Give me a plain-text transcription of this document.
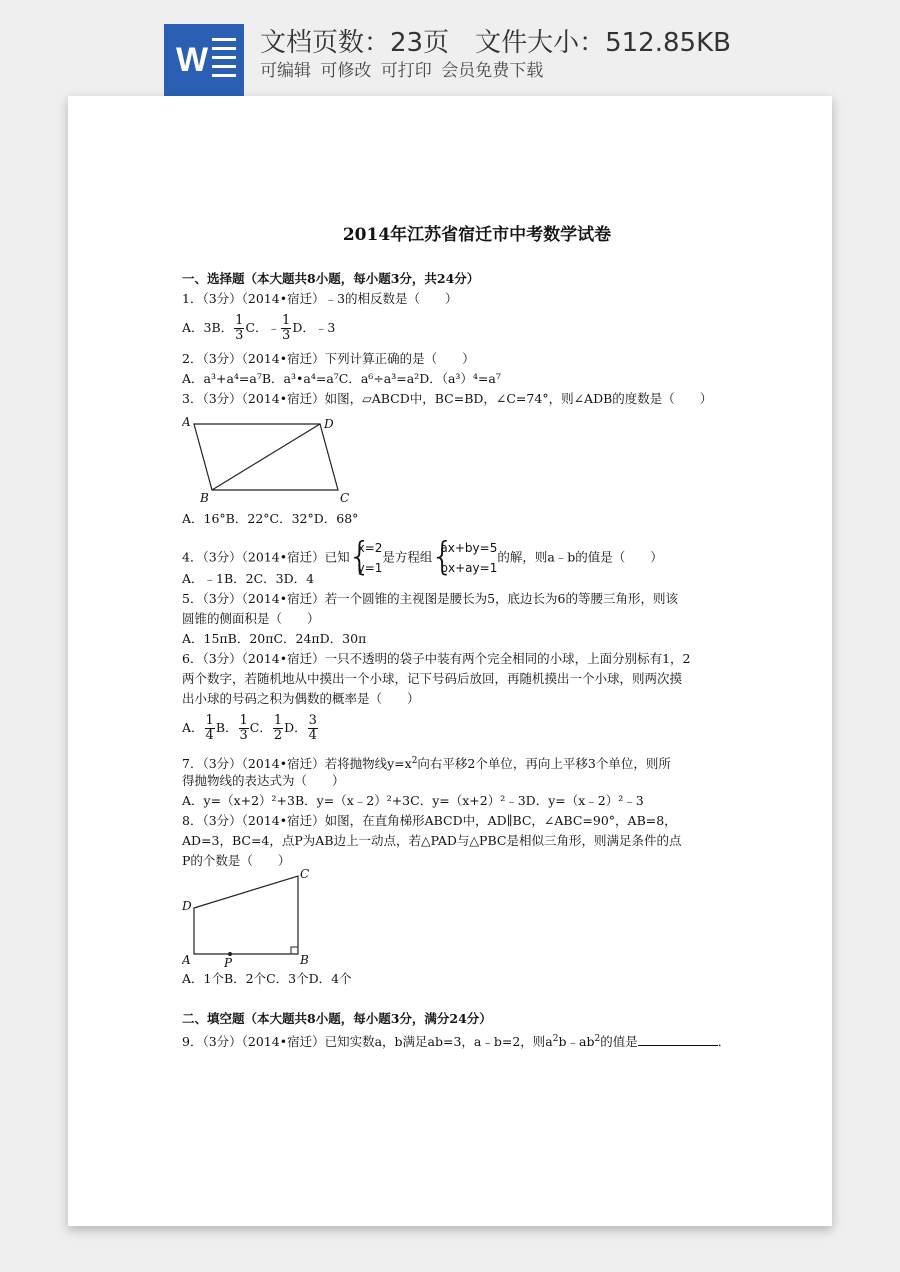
W 文档页数：23页 文件大小：512.85KB
可编辑 可修改 可打印 会员免费下载
2014年江苏省宿迁市中考数学试卷
一、选择题（本大题共8小题，每小题3分，共24分）
1．（3分）（2014•宿迁）﹣3的相反数是（　　）
A．3B． $\frac{1}{3}$ C．﹣ $\frac{1}{3}$ D．﹣3
2．（3分）（2014•宿迁）下列计算正确的是（　　）
A．a³+a⁴=a⁷B．a³•a⁴=a⁷C．a⁶÷a³=a²D．（a³）⁴=a⁷
3．（3分）（2014•宿迁）如图，▱ABCD中，BC=BD，∠C=74°，则∠ADB的度数是（　　）
A	D
B	C
A．16°B．22°C．32°D．68°
4．（3分）（2014•宿迁）已知
{ x=2
y=1
是方程组
{ ax+by=5
bx+ay=1
的解，则a﹣b的值是（　　）
A．﹣1B．2C．3D．4
5．（3分）（2014•宿迁）若一个圆锥的主视图是腰长为5，底边长为6的等腰三角形，则该
圆锥的侧面积是（　　）
A．15πB．20πC．24πD．30π
6．（3分）（2014•宿迁）一只不透明的袋子中装有两个完全相同的小球，上面分别标有1，2
两个数字，若随机地从中摸出一个小球，记下号码后放回，再随机摸出一个小球，则两次摸
出小球的号码之积为偶数的概率是（　　）
A． $\frac{1}{4}$ B． $\frac{1}{3}$ C． $\frac{1}{2}$ D． $\frac{3}{4}$
7．（3分）（2014•宿迁）若将抛物线$y=x^2$向右平移2个单位，再向上平移3个单位，则所
得抛物线的表达式为（　　）
A．y=（x+2）²+3B．y=（x﹣2）²+3C．y=（x+2）²﹣3D．y=（x﹣2）²﹣3
8．（3分）（2014•宿迁）如图，在直角梯形ABCD中，AD∥BC，∠ABC=90°，AB=8，
AD=3，BC=4，点P为AB边上一动点，若△PAD与△PBC是相似三角形，则满足条件的点
P的个数是（　　）
D
C
A	B
P
A．1个B．2个C．3个D．4个
二、填空题（本大题共8小题，每小题3分，满分24分）
9．（3分）（2014•宿迁）已知实数a，b满足ab=3，a﹣b=2，则$a^2b﹣ab^2$的值是	．
